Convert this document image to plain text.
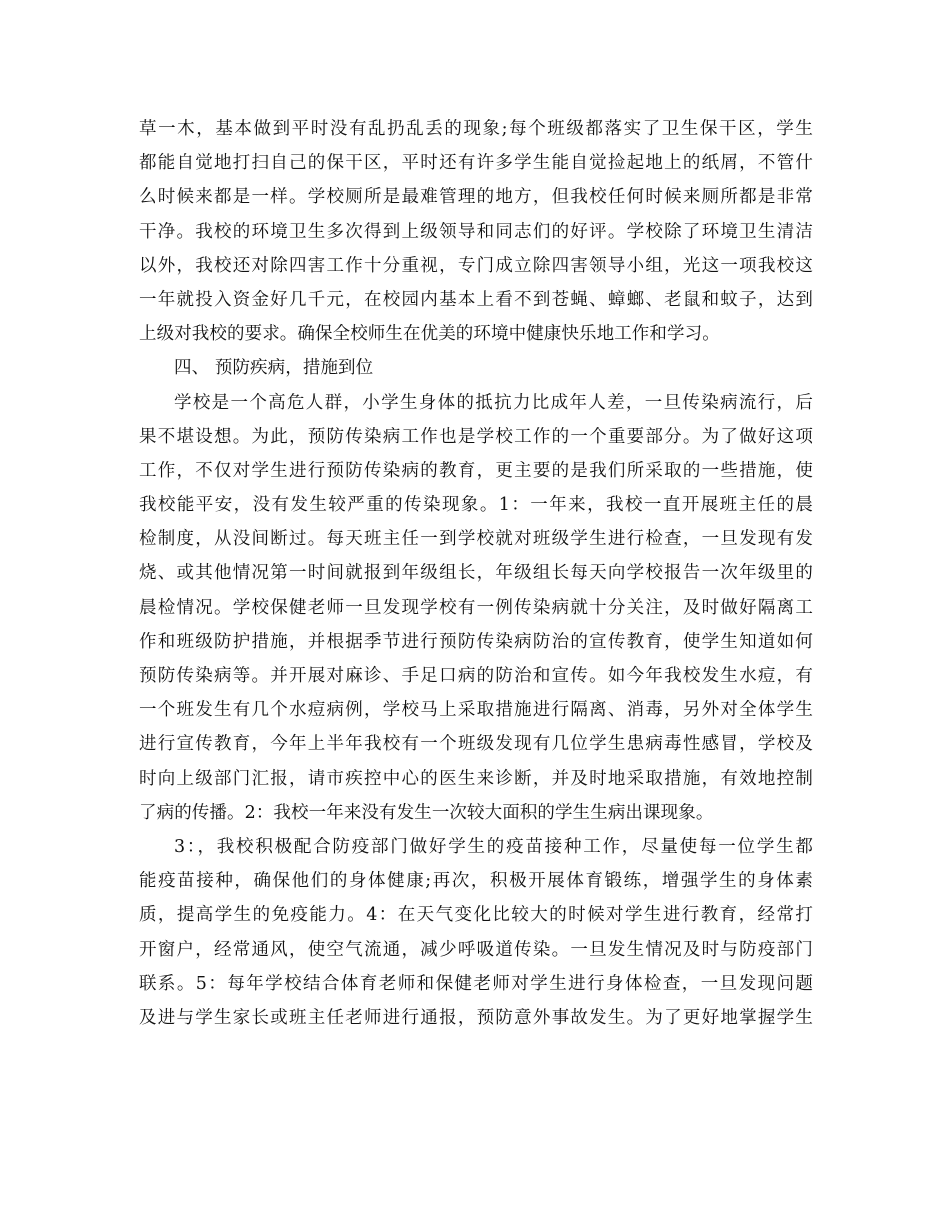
草一木，基本做到平时没有乱扔乱丢的现象;每个班级都落实了卫生保干区，学生
都能自觉地打扫自己的保干区，平时还有许多学生能自觉捡起地上的纸屑，不管什
么时候来都是一样。学校厕所是最难管理的地方，但我校任何时候来厕所都是非常
干净。我校的环境卫生多次得到上级领导和同志们的好评。学校除了环境卫生清洁
以外，我校还对除四害工作十分重视，专门成立除四害领导小组，光这一项我校这
一年就投入资金好几千元，在校园内基本上看不到苍蝇、蟑螂、老鼠和蚊子，达到
上级对我校的要求。确保全校师生在优美的环境中健康快乐地工作和学习。
四、 预防疾病，措施到位
学校是一个高危人群，小学生身体的抵抗力比成年人差，一旦传染病流行，后
果不堪设想。为此，预防传染病工作也是学校工作的一个重要部分。为了做好这项
工作，不仅对学生进行预防传染病的教育，更主要的是我们所采取的一些措施，使
我校能平安，没有发生较严重的传染现象。1：一年来，我校一直开展班主任的晨
检制度，从没间断过。每天班主任一到学校就对班级学生进行检查，一旦发现有发
烧、或其他情况第一时间就报到年级组长，年级组长每天向学校报告一次年级里的
晨检情况。学校保健老师一旦发现学校有一例传染病就十分关注，及时做好隔离工
作和班级防护措施，并根据季节进行预防传染病防治的宣传教育，使学生知道如何
预防传染病等。并开展对麻诊、手足口病的防治和宣传。如今年我校发生水痘，有
一个班发生有几个水痘病例，学校马上采取措施进行隔离、消毒，另外对全体学生
进行宣传教育，今年上半年我校有一个班级发现有几位学生患病毒性感冒，学校及
时向上级部门汇报，请市疾控中心的医生来诊断，并及时地采取措施，有效地控制
了病的传播。2：我校一年来没有发生一次较大面积的学生生病出课现象。
3：，我校积极配合防疫部门做好学生的疫苗接种工作，尽量使每一位学生都
能疫苗接种，确保他们的身体健康;再次，积极开展体育锻练，增强学生的身体素
质，提高学生的免疫能力。4：在天气变化比较大的时候对学生进行教育，经常打
开窗户，经常通风，使空气流通，减少呼吸道传染。一旦发生情况及时与防疫部门
联系。5：每年学校结合体育老师和保健老师对学生进行身体检查，一旦发现问题
及进与学生家长或班主任老师进行通报，预防意外事故发生。为了更好地掌握学生
